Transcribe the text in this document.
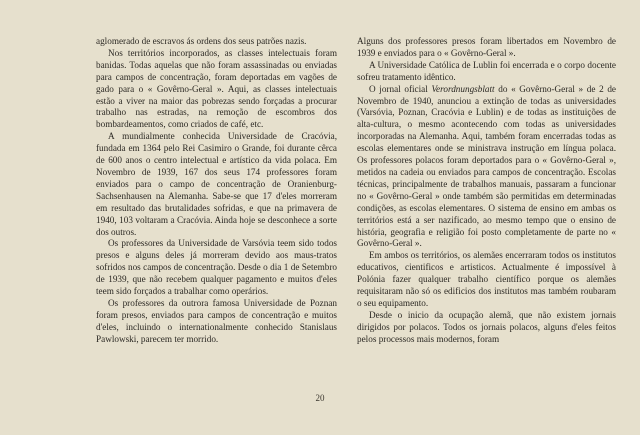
aglomerado de escravos ás ordens dos seus patrões nazis.

Nos territórios incorporados, as classes intelectuais foram banidas. Todas aquelas que não foram assassinadas ou enviadas para campos de concentração, foram deportadas em vagões de gado para o « Govêrno-Geral ». Aqui, as classes intelectuais estão a viver na maior das pobrezas sendo forçadas a procurar trabalho nas estradas, na remoção de escombros dos bombardeamentos, como criados de café, etc.

A mundialmente conhecida Universidade de Cracóvia, fundada em 1364 pelo Rei Casimiro o Grande, foi durante cêrca de 600 anos o centro intelectual e artístico da vida polaca. Em Novembro de 1939, 167 dos seus 174 professores foram enviados para o campo de concentração de Oranienburg-Sachsenhausen na Alemanha. Sabe-se que 17 d'eles morreram em resultado das brutalidades sofridas, e que na primavera de 1940, 103 voltaram a Cracóvia. Ainda hoje se desconhece a sorte dos outros.

Os professores da Universidade de Varsóvia teem sido todos presos e alguns deles já morreram devido aos maus-tratos sofridos nos campos de concentração. Desde o dia 1 de Setembro de 1939, que não recebem qualquer pagamento e muitos d'eles teem sido forçados a trabalhar como operários.

Os professores da outrora famosa Universidade de Poznan foram presos, enviados para campos de concentração e muitos d'eles, incluindo o internationalmente conhecido Stanislaus Pawlowski, parecem ter morrido.

Alguns dos professores presos foram libertados em Novembro de 1939 e enviados para o « Govêrno-Geral ».

A Universidade Católica de Lublin foi encerrada e o corpo docente sofreu tratamento idêntico.

O jornal oficial Verordnungsblatt do « Govêrno-Geral » de 2 de Novembro de 1940, anunciou a extinção de todas as universidades (Varsóvia, Poznan, Cracóvia e Lublin) e de todas as instituições de alta-cultura, o mesmo acontecendo com todas as universidades incorporadas na Alemanha. Aqui, também foram encerradas todas as escolas elementares onde se ministrava instrução em língua polaca. Os professores polacos foram deportados para o « Govêrno-Geral », metidos na cadeia ou enviados para campos de concentração. Escolas técnicas, principalmente de trabalhos manuais, passaram a funcionar no « Govêrno-Geral » onde também são permitidas em determinadas condições, as escolas elementares. O sistema de ensino em ambas os territórios está a ser nazificado, ao mesmo tempo que o ensino de história, geografia e religião foi posto completamente de parte no « Govêrno-Geral ».

Em ambos os territórios, os alemães encerraram todos os institutos educativos, cientificos e artisticos. Actualmente é impossível à Polónia fazer qualquer trabalho científico porque os alemães requisitaram não só os edificios dos institutos mas também roubaram o seu equipamento.

Desde o inicio da ocupação alemã, que não existem jornais dirigidos por polacos. Todos os jornais polacos, alguns d'eles feitos pelos processos mais modernos, foram

20
